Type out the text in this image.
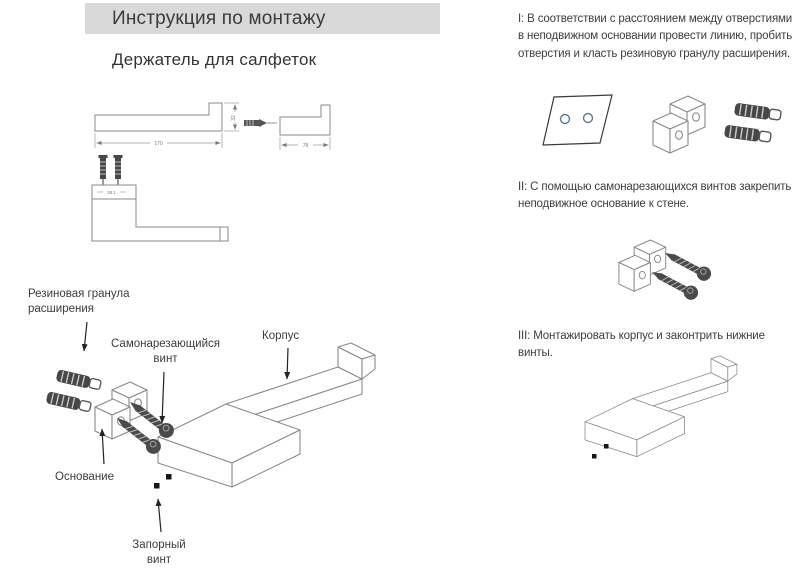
170
32
78
38.1
Инструкция по монтажу
Держатель для салфеток
Резиновая гранула расширения
Самонарезающийся винт
Корпус
Основание
Запорный винт
I: В соответствии с расстоянием между отверстиями в неподвижном основании провести линию, пробить отверстия и класть резиновую гранулу расширения.
II: С помощью самонарезающихся винтов закрепить неподвижное основание к стене.
III: Монтажировать корпус и законтрить нижние винты.
